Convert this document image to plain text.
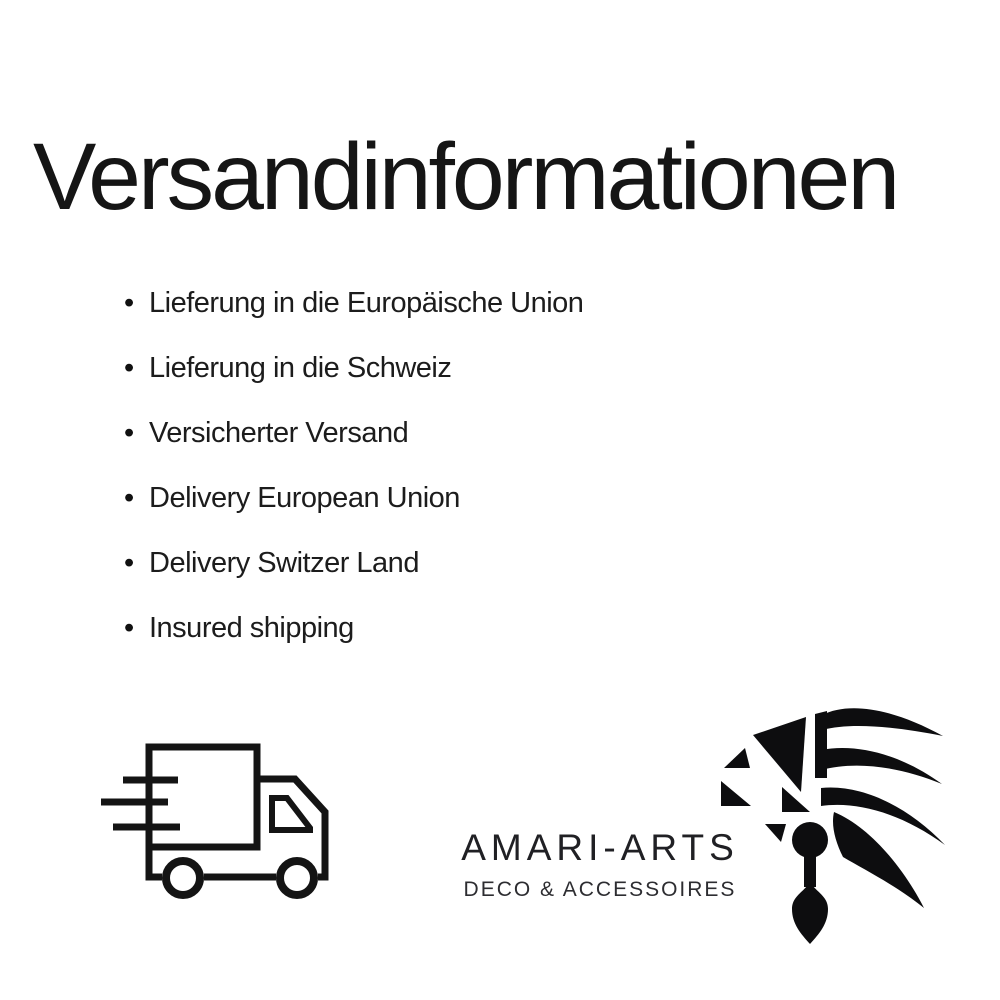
Versandinformationen
• Lieferung in die Europäische Union
• Lieferung in die Schweiz
• Versicherter Versand
• Delivery European Union
• Delivery Switzer Land
• Insured shipping
AMARI-ARTS
DECO & ACCESSOIRES
